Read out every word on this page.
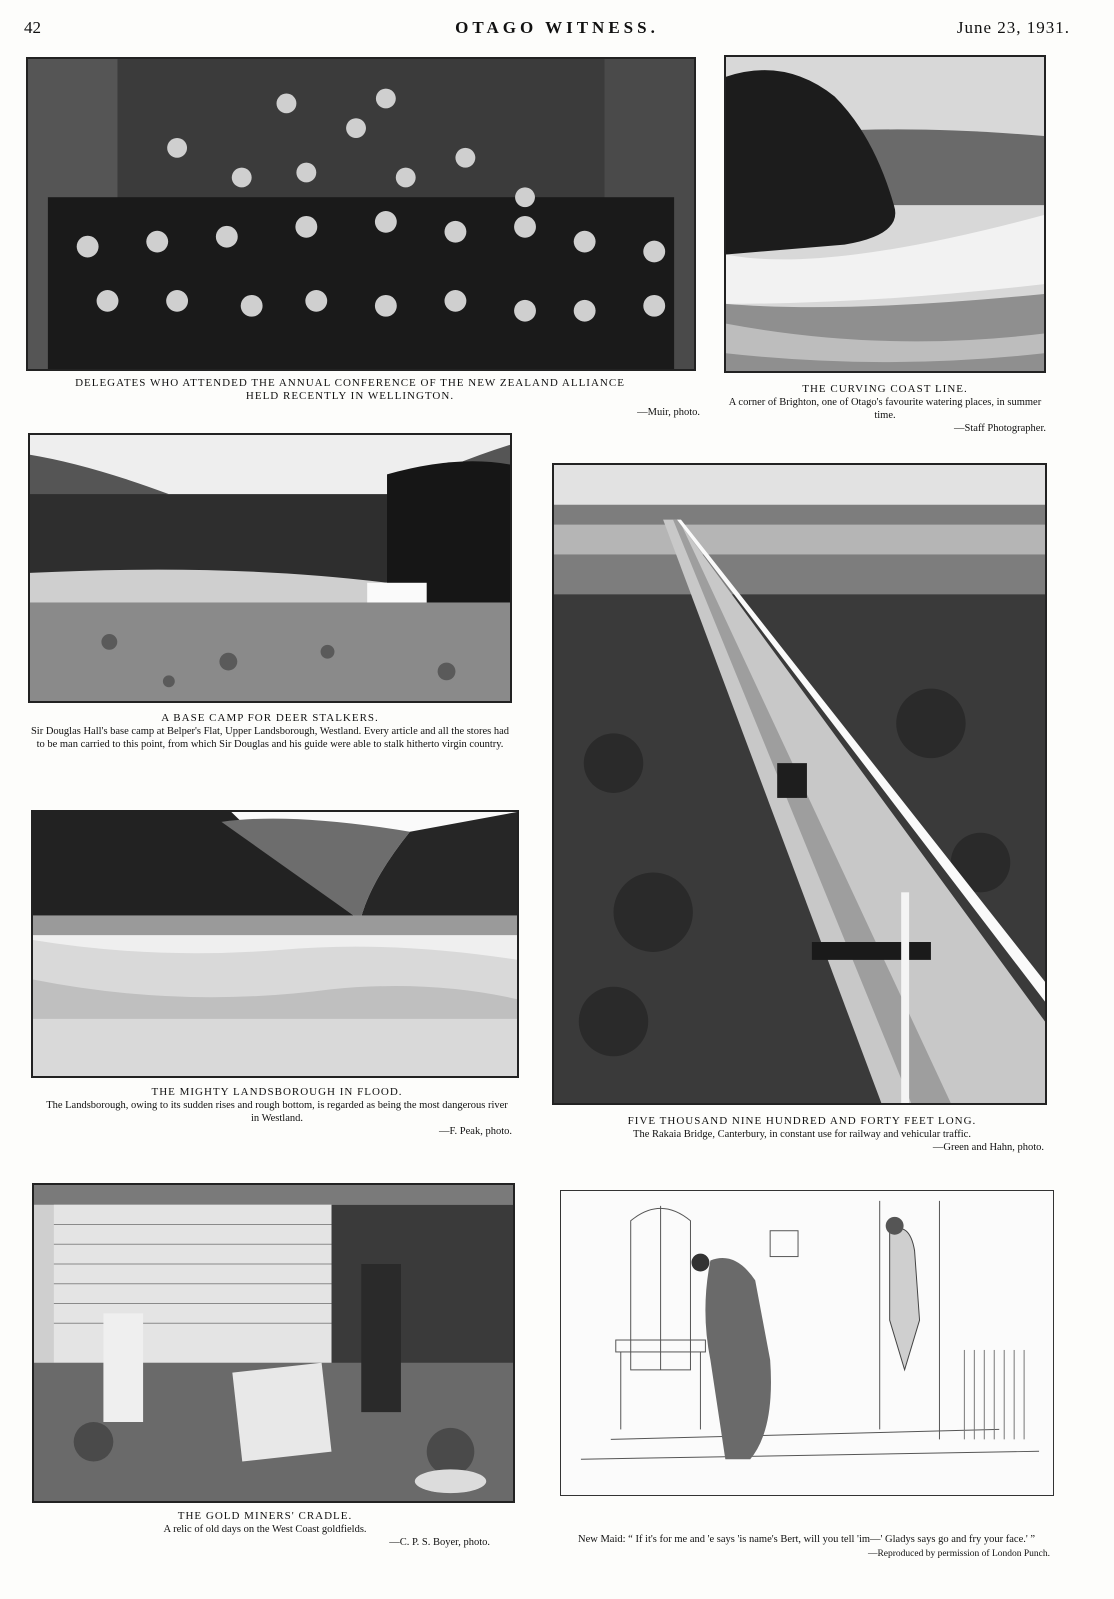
42	OTAGO WITNESS.	June 23, 1931.
DELEGATES WHO ATTENDED THE ANNUAL CONFERENCE OF THE NEW ZEALAND ALLIANCE HELD RECENTLY IN WELLINGTON.
—Muir, photo.
THE CURVING COAST LINE.
A corner of Brighton, one of Otago's favourite watering places, in summer time.
—Staff Photographer.
A BASE CAMP FOR DEER STALKERS.
Sir Douglas Hall's base camp at Belper's Flat, Upper Landsborough, Westland. Every article and all the stores had to be man carried to this point, from which Sir Douglas and his guide were able to stalk hitherto virgin country.
FIVE THOUSAND NINE HUNDRED AND FORTY FEET LONG.
The Rakaia Bridge, Canterbury, in constant use for railway and vehicular traffic.
—Green and Hahn, photo.
THE MIGHTY LANDSBOROUGH IN FLOOD.
The Landsborough, owing to its sudden rises and rough bottom, is regarded as being the most dangerous river in Westland.
—F. Peak, photo.
THE GOLD MINERS' CRADLE.
A relic of old days on the West Coast goldfields.
—C. P. S. Boyer, photo.	New Maid: “ If it's for me and 'e says 'is name's Bert, will you tell 'im—' Gladys says go and fry your face.' ”
—Reproduced by permission of London Punch.
